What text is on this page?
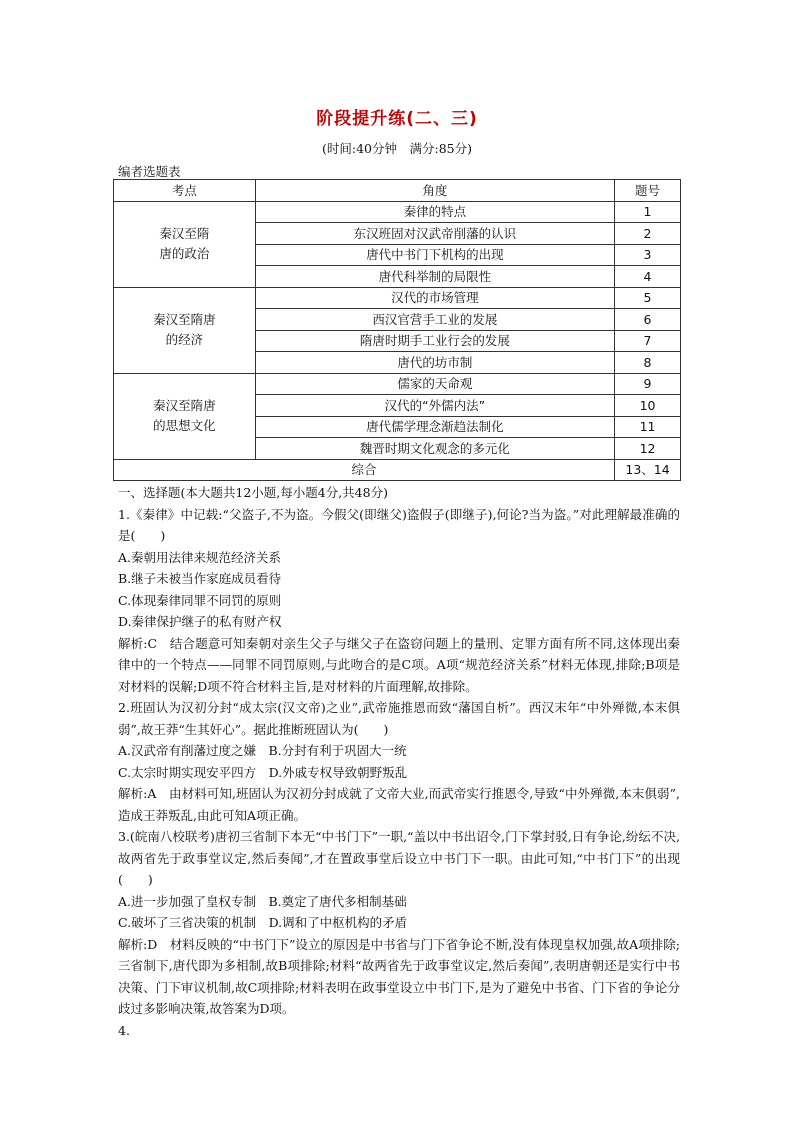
阶段提升练(二、三)
(时间:40分钟　满分:85分)
编者选题表
考点	角度	题号
秦汉至隋
唐的政治	秦律的特点	1
	东汉班固对汉武帝削藩的认识	2
	唐代中书门下机构的出现	3
	唐代科举制的局限性	4
秦汉至隋唐
的经济	汉代的市场管理	5
	西汉官营手工业的发展	6
	隋唐时期手工业行会的发展	7
	唐代的坊市制	8
秦汉至隋唐
的思想文化	儒家的天命观	9
	汉代的“外儒内法”	10
	唐代儒学理念渐趋法制化	11
	魏晋时期文化观念的多元化	12
综合		13、14

一、选择题(本大题共12小题,每小题4分,共48分)

1.《秦律》中记载:“父盗子,不为盗。今假父(即继父)盗假子(即继子),何论?当为盗。”对此理解最准确的是(　　)

A.秦朝用法律来规范经济关系

B.继子未被当作家庭成员看待

C.体现秦律同罪不同罚的原则

D.秦律保护继子的私有财产权

解析:C　结合题意可知秦朝对亲生父子与继父子在盗窃问题上的量刑、定罪方面有所不同,这体现出秦律中的一个特点——同罪不同罚原则,与此吻合的是C项。A项“规范经济关系”材料无体现,排除;B项是对材料的误解;D项不符合材料主旨,是对材料的片面理解,故排除。

2.班固认为汉初分封“成太宗(汉文帝)之业”,武帝施推恩而致“藩国自析”。西汉末年“中外殚微,本末俱弱”,故王莽“生其奸心”。据此推断班固认为(　　)

A.汉武帝有削藩过度之嫌　B.分封有利于巩固大一统

C.太宗时期实现安平四方　D.外戚专权导致朝野叛乱

解析:A　由材料可知,班固认为汉初分封成就了文帝大业,而武帝实行推恩令,导致“中外殚微,本末俱弱”,造成王莽叛乱,由此可知A项正确。

3.(皖南八校联考)唐初三省制下本无“中书门下”一职,“盖以中书出诏令,门下掌封驳,日有争论,纷纭不决,故两省先于政事堂议定,然后奏闻”,才在置政事堂后设立中书门下一职。由此可知,“中书门下”的出现(　　)

A.进一步加强了皇权专制　B.奠定了唐代多相制基础

C.破坏了三省决策的机制　D.调和了中枢机构的矛盾

解析:D　材料反映的“中书门下”设立的原因是中书省与门下省争论不断,没有体现皇权加强,故A项排除;三省制下,唐代即为多相制,故B项排除;材料“故两省先于政事堂议定,然后奏闻”,表明唐朝还是实行中书决策、门下审议机制,故C项排除;材料表明在政事堂设立中书门下,是为了避免中书省、门下省的争论分歧过多影响决策,故答案为D项。

4.
